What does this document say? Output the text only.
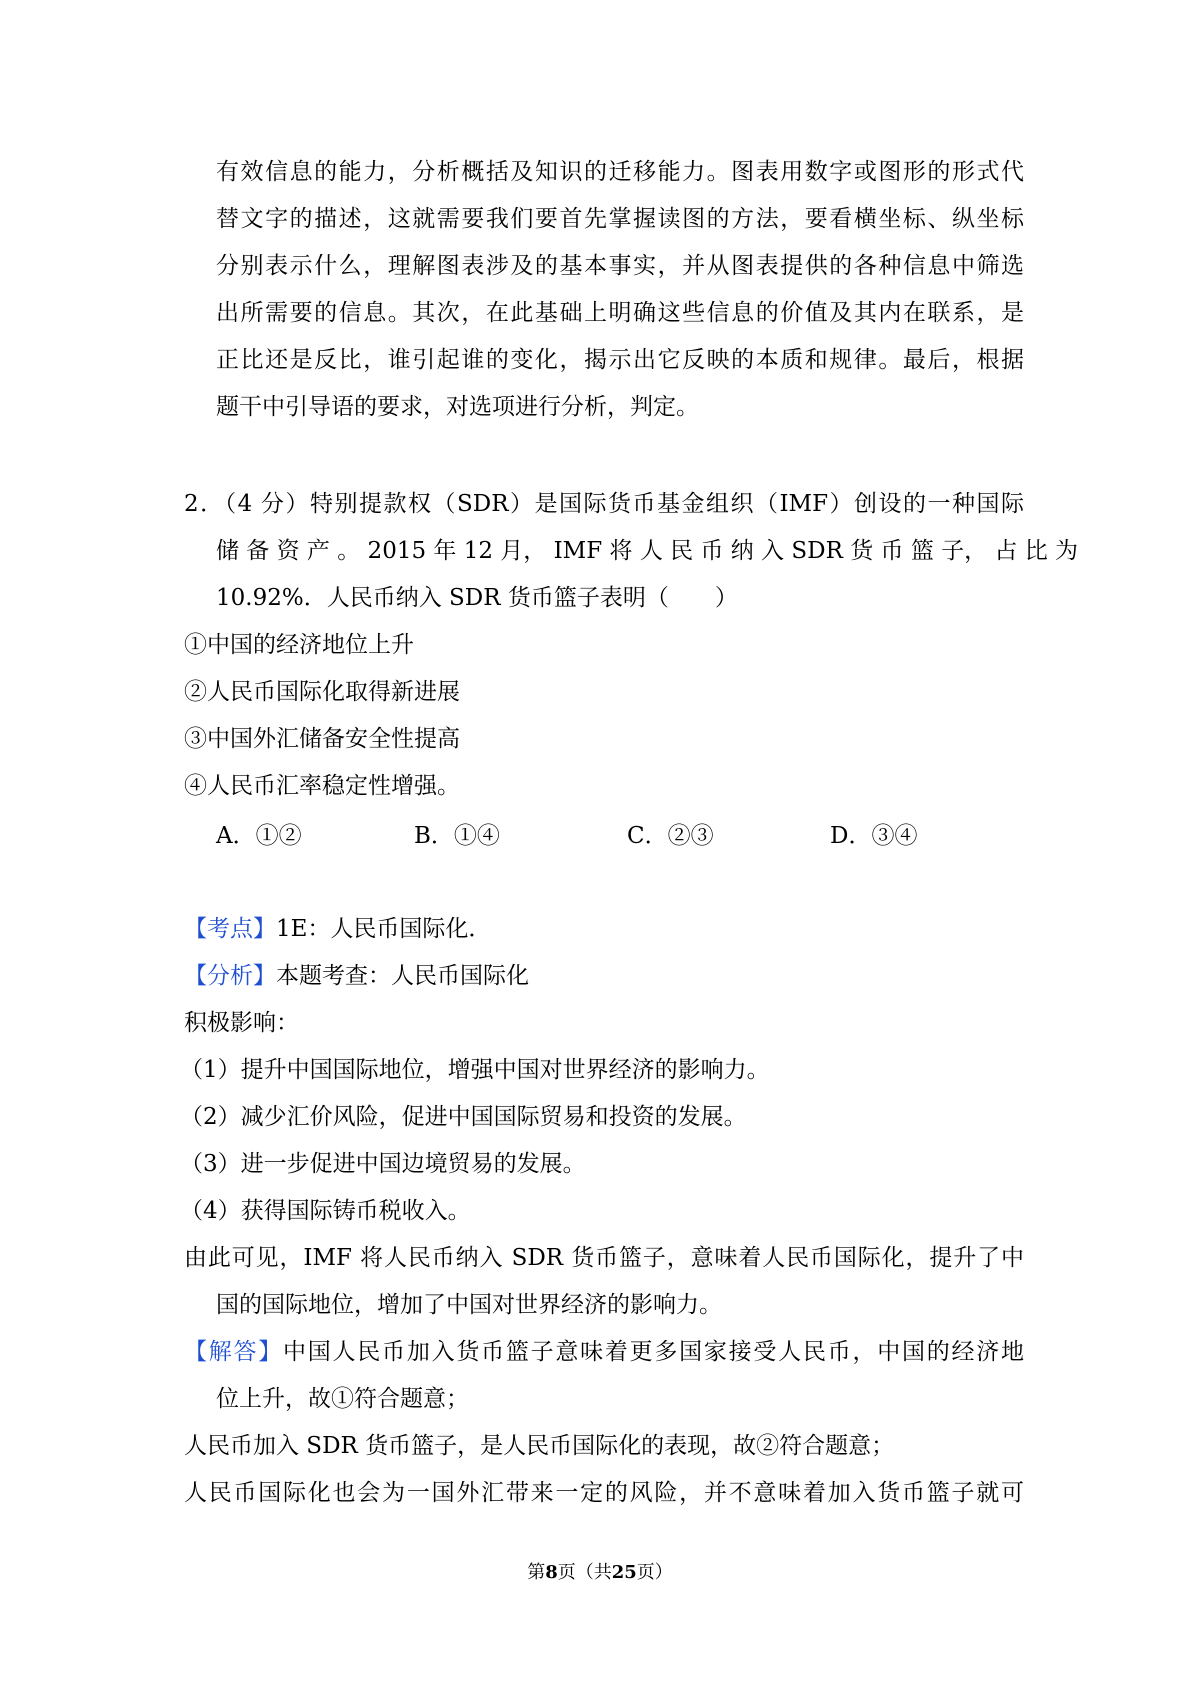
有效信息的能力，分析概括及知识的迁移能力。图表用数字或图形的形式代
替文字的描述，这就需要我们要首先掌握读图的方法，要看横坐标、纵坐标
分别表示什么，理解图表涉及的基本事实，并从图表提供的各种信息中筛选
出所需要的信息。其次，在此基础上明确这些信息的价值及其内在联系，是
正比还是反比，谁引起谁的变化，揭示出它反映的本质和规律。最后，根据
题干中引导语的要求，对选项进行分析，判定。
2．（4 分）特别提款权（SDR）是国际货币基金组织（IMF）创设的一种国际
储 备 资 产 。 2015 年 12 月， IMF 将 人 民 币 纳 入 SDR 货 币 篮 子， 占 比 为
10.92%．人民币纳入 SDR 货币篮子表明（　　）
①中国的经济地位上升
②人民币国际化取得新进展
③中国外汇储备安全性提高
④人民币汇率稳定性增强。
A．①②	B．①④	C．②③	D．③④
【考点】1E：人民币国际化．
【分析】本题考查：人民币国际化
积极影响：
（1）提升中国国际地位，增强中国对世界经济的影响力。
（2）减少汇价风险，促进中国国际贸易和投资的发展。
（3）进一步促进中国边境贸易的发展。
（4）获得国际铸币税收入。
由此可见，IMF 将人民币纳入 SDR 货币篮子，意味着人民币国际化，提升了中
国的国际地位，增加了中国对世界经济的影响力。
【解答】中国人民币加入货币篮子意味着更多国家接受人民币，中国的经济地
位上升，故①符合题意；
人民币加入 SDR 货币篮子，是人民币国际化的表现，故②符合题意；
人民币国际化也会为一国外汇带来一定的风险，并不意味着加入货币篮子就可
第8页（共25页）
